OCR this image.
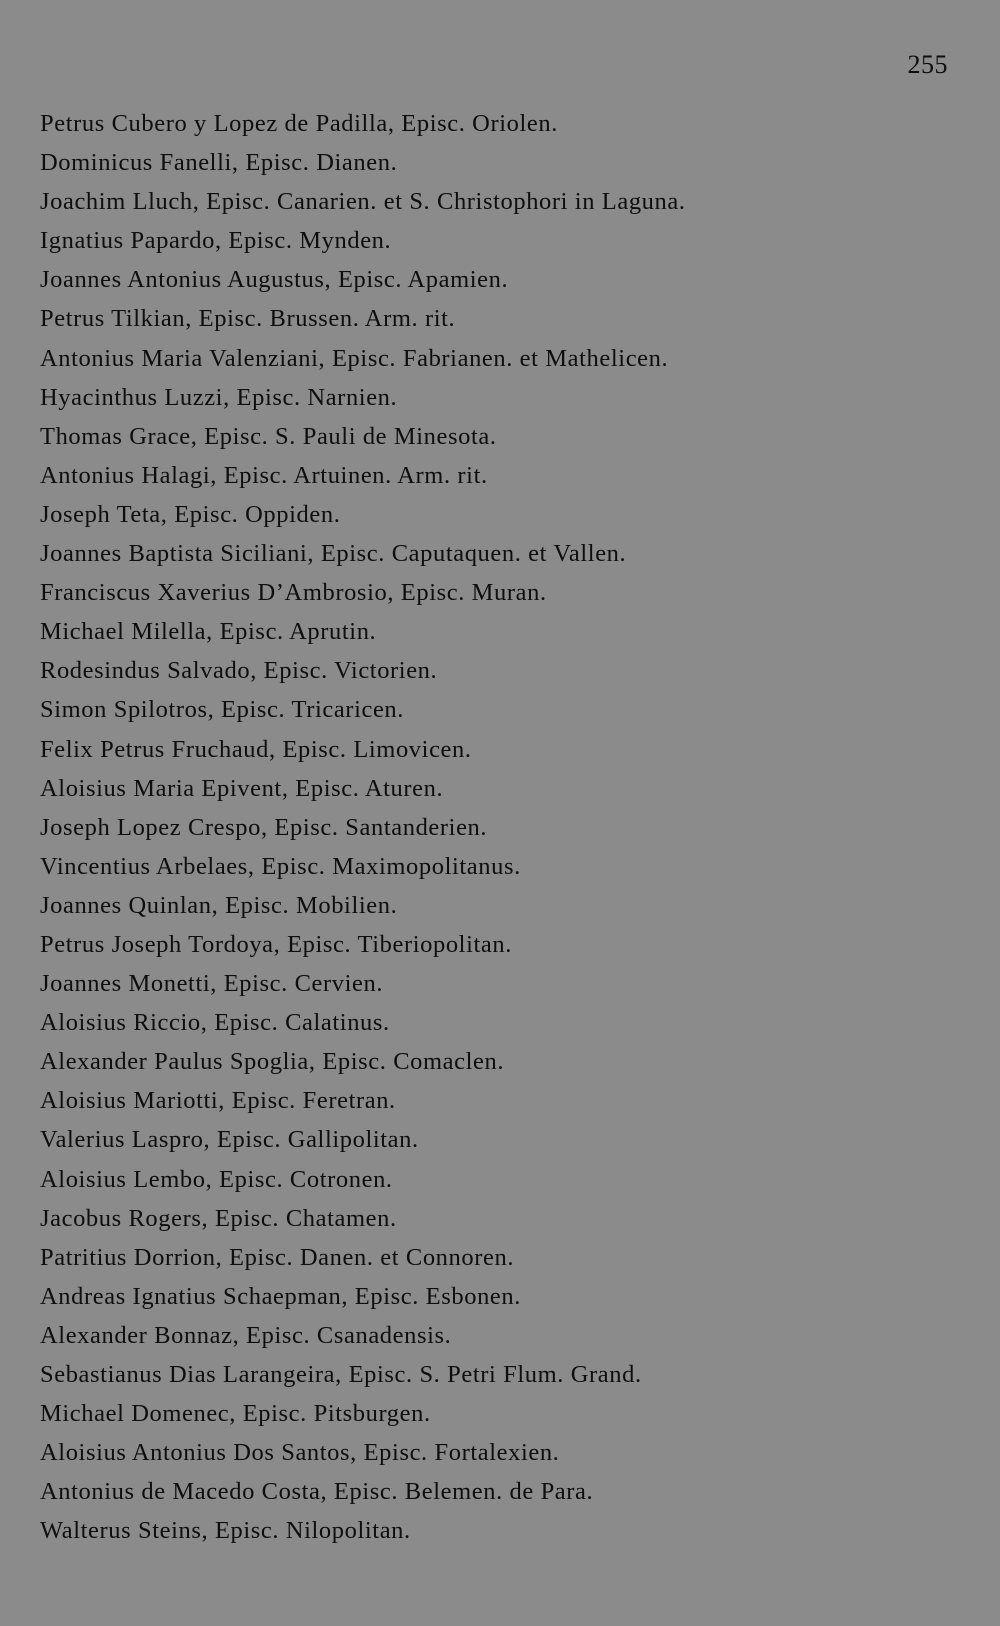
255
Petrus Cubero y Lopez de Padilla, Episc. Oriolen.
Dominicus Fanelli, Episc. Dianen.
Joachim Lluch, Episc. Canarien. et S. Christophori in Laguna.
Ignatius Papardo, Episc. Mynden.
Joannes Antonius Augustus, Episc. Apamien.
Petrus Tilkian, Episc. Brussen. Arm. rit.
Antonius Maria Valenziani, Episc. Fabrianen. et Mathelicen.
Hyacinthus Luzzi, Episc. Narnien.
Thomas Grace, Episc. S. Pauli de Minesota.
Antonius Halagi, Episc. Artuinen. Arm. rit.
Joseph Teta, Episc. Oppiden.
Joannes Baptista Siciliani, Episc. Caputaquen. et Vallen.
Franciscus Xaverius D’Ambrosio, Episc. Muran.
Michael Milella, Episc. Aprutin.
Rodesindus Salvado, Episc. Victorien.
Simon Spilotros, Episc. Tricaricen.
Felix Petrus Fruchaud, Episc. Limovicen.
Aloisius Maria Epivent, Episc. Aturen.
Joseph Lopez Crespo, Episc. Santanderien.
Vincentius Arbelaes, Episc. Maximopolitanus.
Joannes Quinlan, Episc. Mobilien.
Petrus Joseph Tordoya, Episc. Tiberiopolitan.
Joannes Monetti, Episc. Cervien.
Aloisius Riccio, Episc. Calatinus.
Alexander Paulus Spoglia, Episc. Comaclen.
Aloisius Mariotti, Episc. Feretran.
Valerius Laspro, Episc. Gallipolitan.
Aloisius Lembo, Episc. Cotronen.
Jacobus Rogers, Episc. Chatamen.
Patritius Dorrion, Episc. Danen. et Connoren.
Andreas Ignatius Schaepman, Episc. Esbonen.
Alexander Bonnaz, Episc. Csanadensis.
Sebastianus Dias Larangeira, Episc. S. Petri Flum. Grand.
Michael Domenec, Episc. Pitsburgen.
Aloisius Antonius Dos Santos, Episc. Fortalexien.
Antonius de Macedo Costa, Episc. Belemen. de Para.
Walterus Steins, Episc. Nilopolitan.
